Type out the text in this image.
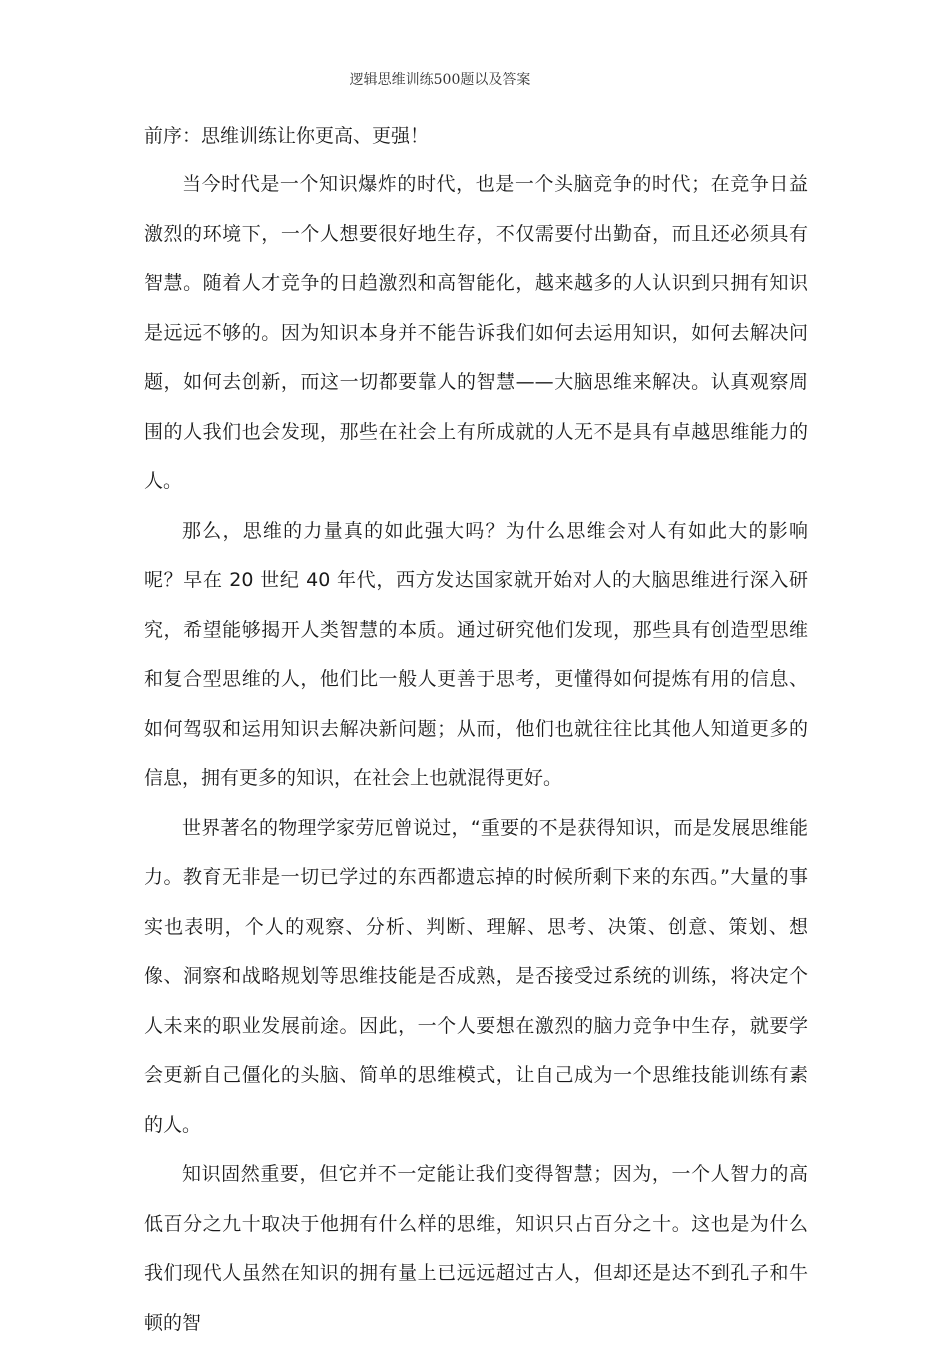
逻辑思维训练500题以及答案
前序：思维训练让你更高、更强！

当今时代是一个知识爆炸的时代，也是一个头脑竞争的时代；在竞争日益激烈的环境下，一个人想要很好地生存，不仅需要付出勤奋，而且还必须具有智慧。随着人才竞争的日趋激烈和高智能化，越来越多的人认识到只拥有知识是远远不够的。因为知识本身并不能告诉我们如何去运用知识，如何去解决问题，如何去创新，而这一切都要靠人的智慧——大脑思维来解决。认真观察周围的人我们也会发现，那些在社会上有所成就的人无不是具有卓越思维能力的人。

那么，思维的力量真的如此强大吗？为什么思维会对人有如此大的影响呢？早在 20 世纪 40 年代，西方发达国家就开始对人的大脑思维进行深入研究，希望能够揭开人类智慧的本质。通过研究他们发现，那些具有创造型思维和复合型思维的人，他们比一般人更善于思考，更懂得如何提炼有用的信息、如何驾驭和运用知识去解决新问题；从而，他们也就往往比其他人知道更多的信息，拥有更多的知识，在社会上也就混得更好。

世界著名的物理学家劳厄曾说过，“重要的不是获得知识，而是发展思维能力。教育无非是一切已学过的东西都遗忘掉的时候所剩下来的东西。”大量的事实也表明，个人的观察、分析、判断、理解、思考、决策、创意、策划、想像、洞察和战略规划等思维技能是否成熟，是否接受过系统的训练，将决定个人未来的职业发展前途。因此，一个人要想在激烈的脑力竞争中生存，就要学会更新自己僵化的头脑、简单的思维模式，让自己成为一个思维技能训练有素的人。

知识固然重要，但它并不一定能让我们变得智慧；因为，一个人智力的高低百分之九十取决于他拥有什么样的思维，知识只占百分之十。这也是为什么我们现代人虽然在知识的拥有量上已远远超过古人，但却还是达不到孔子和牛顿的智
